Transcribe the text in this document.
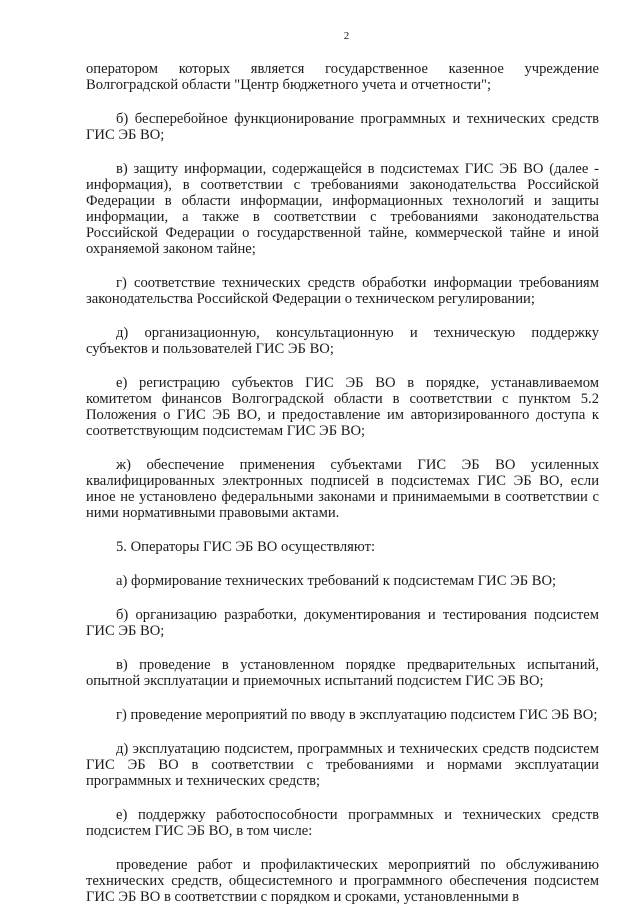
2

оператором которых является государственное казенное учреждение Волгоградской области "Центр бюджетного учета и отчетности";

б) бесперебойное функционирование программных и технических средств ГИС ЭБ ВО;

в) защиту информации, содержащейся в подсистемах ГИС ЭБ ВО (далее - информация), в соответствии с требованиями законодательства Российской Федерации в области информации, информационных технологий и защиты информации, а также в соответствии с требованиями законодательства Российской Федерации о государственной тайне, коммерческой тайне и иной охраняемой законом тайне;

г) соответствие технических средств обработки информации требованиям законодательства Российской Федерации о техническом регулировании;

д) организационную, консультационную и техническую поддержку субъектов и пользователей ГИС ЭБ ВО;

е) регистрацию субъектов ГИС ЭБ ВО в порядке, устанавливаемом комитетом финансов Волгоградской области в соответствии с пунктом 5.2 Положения о ГИС ЭБ ВО, и предоставление им авторизированного доступа к соответствующим подсистемам ГИС ЭБ ВО;

ж) обеспечение применения субъектами ГИС ЭБ ВО усиленных квалифицированных электронных подписей в подсистемах ГИС ЭБ ВО, если иное не установлено федеральными законами и принимаемыми в соответствии с ними нормативными правовыми актами.

5. Операторы ГИС ЭБ ВО осуществляют:

а) формирование технических требований к подсистемам ГИС ЭБ ВО;

б) организацию разработки, документирования и тестирования подсистем ГИС ЭБ ВО;

в) проведение в установленном порядке предварительных испытаний, опытной эксплуатации и приемочных испытаний подсистем ГИС ЭБ ВО;

г) проведение мероприятий по вводу в эксплуатацию подсистем ГИС ЭБ ВО;

д) эксплуатацию подсистем, программных и технических средств подсистем ГИС ЭБ ВО в соответствии с требованиями и нормами эксплуатации программных и технических средств;

е) поддержку работоспособности программных и технических средств подсистем ГИС ЭБ ВО, в том числе:

проведение работ и профилактических мероприятий по обслуживанию технических средств, общесистемного и программного обеспечения подсистем ГИС ЭБ ВО в соответствии с порядком и сроками, установленными в
